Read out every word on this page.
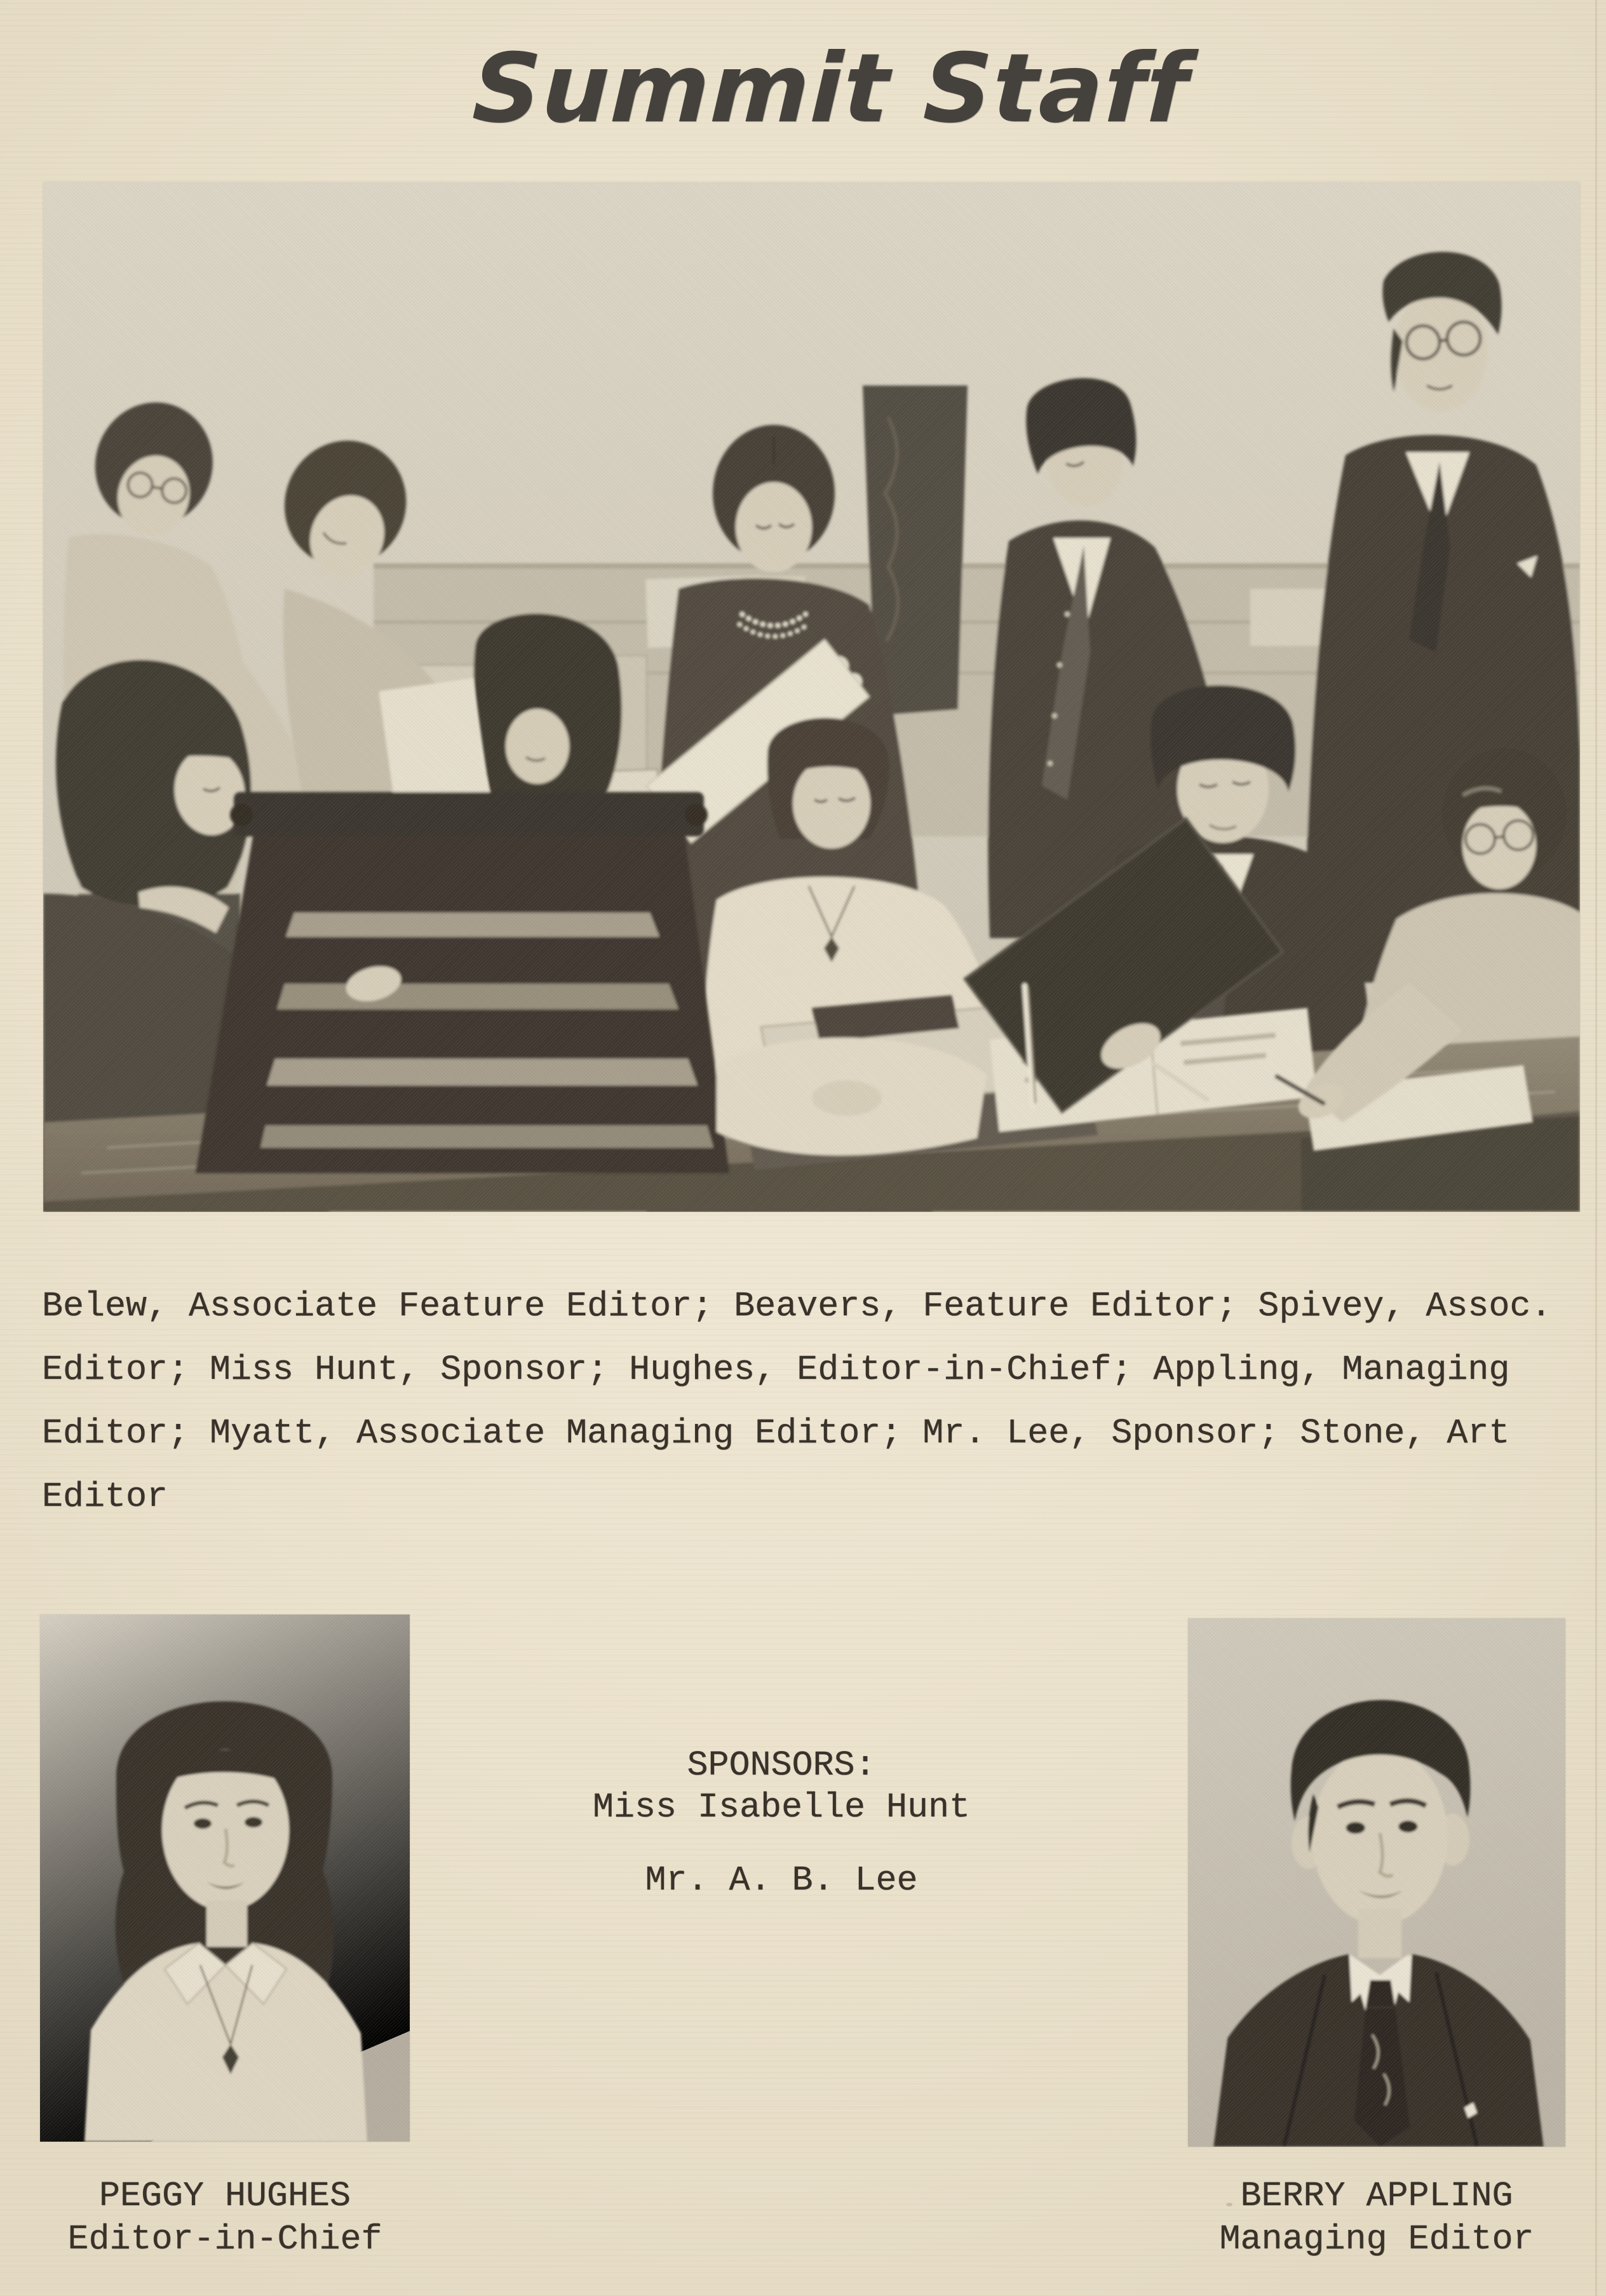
Summit Staff
Belew, Associate Feature Editor; Beavers, Feature Editor; Spivey, Assoc.
Editor; Miss Hunt, Sponsor; Hughes, Editor-in-Chief; Appling, Managing
Editor; Myatt, Associate Managing Editor; Mr. Lee, Sponsor; Stone, Art
Editor
SPONSORS:
Miss Isabelle Hunt
Mr. A. B. Lee
PEGGY HUGHES
Editor-in-Chief
BERRY APPLING
Managing Editor
